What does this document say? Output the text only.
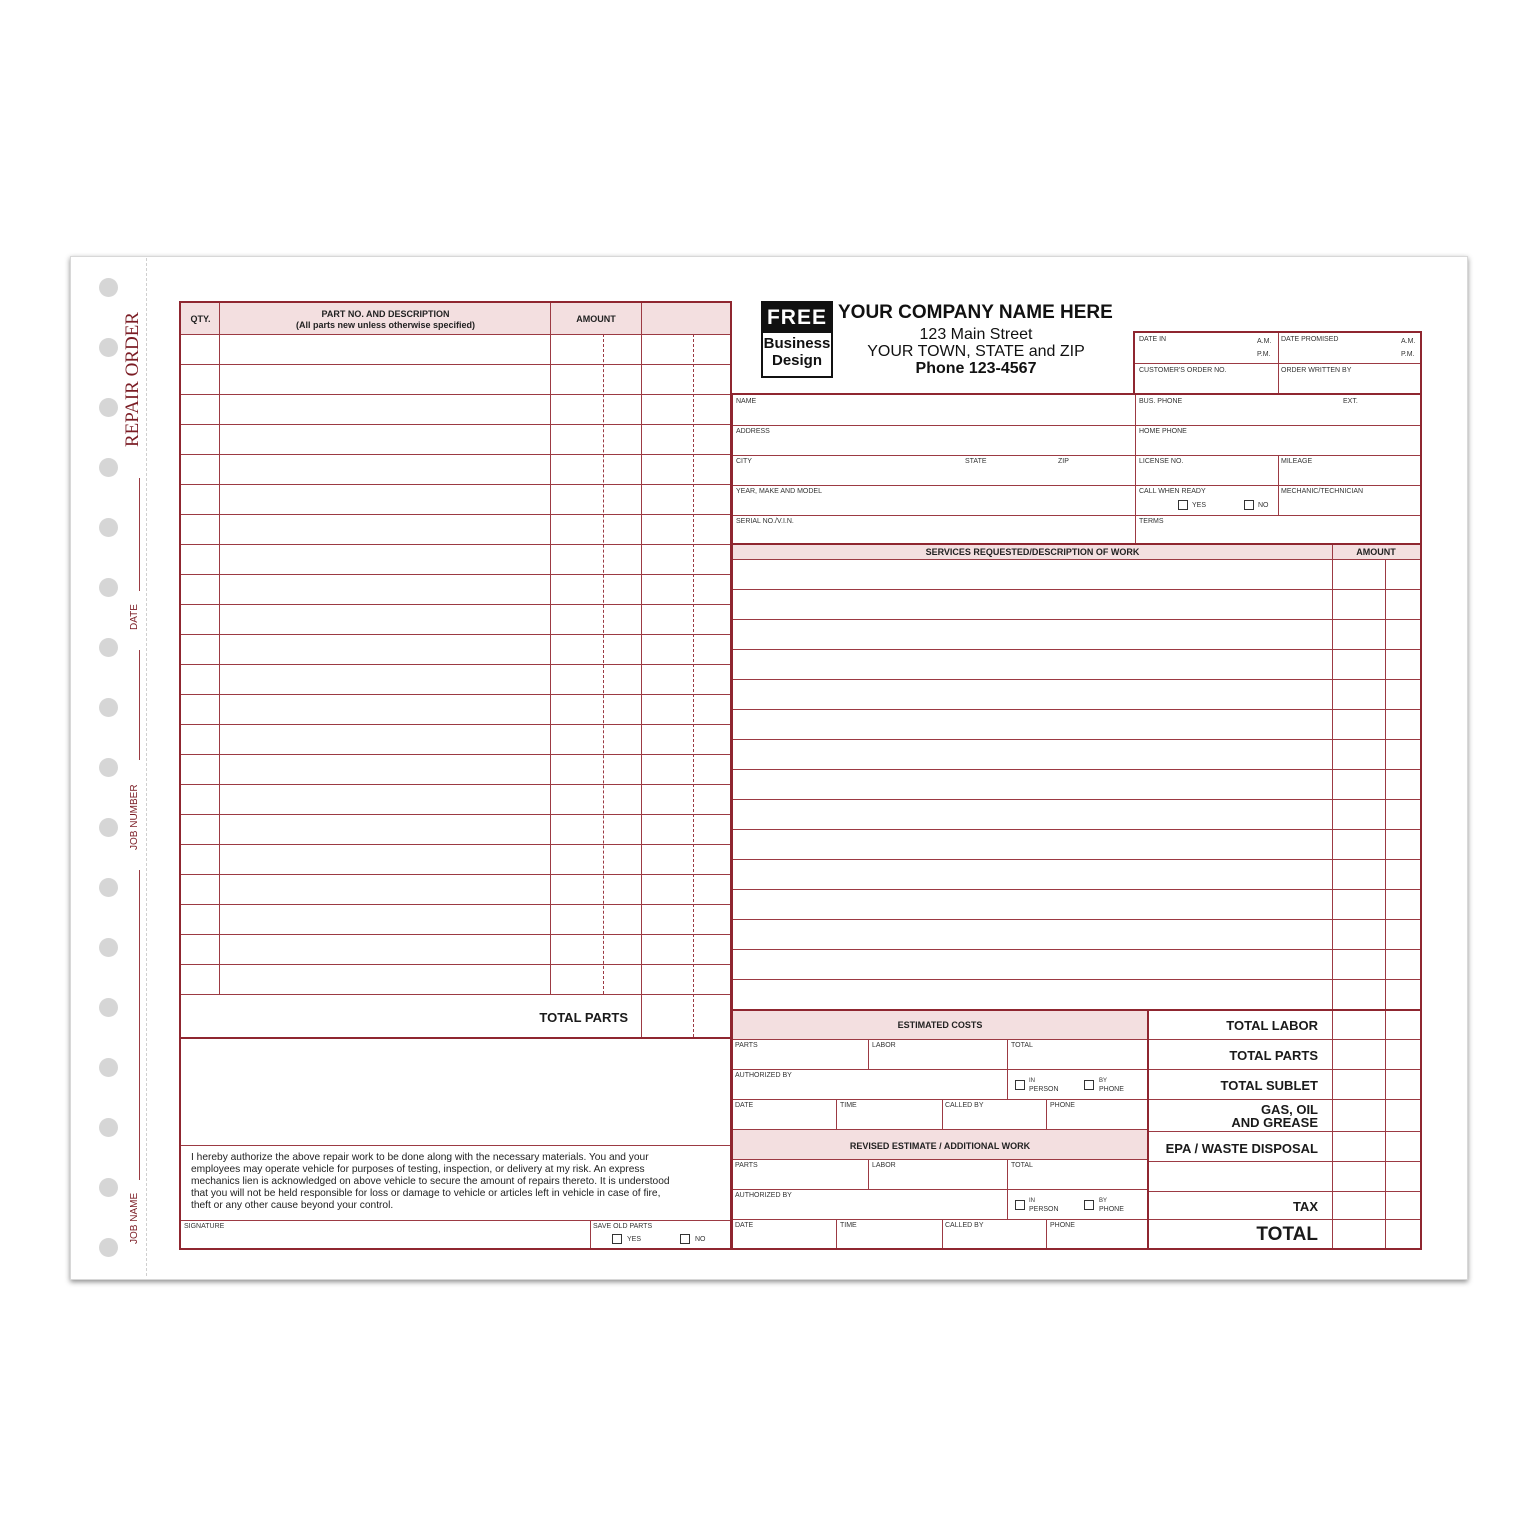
REPAIR ORDER
DATE
JOB NUMBER
JOB NAME
QTY.	PART NO. AND DESCRIPTION
(All parts new unless otherwise specified)
AMOUNT
TOTAL PARTS
I hereby authorize the above repair work to be done along with the necessary materials. You and your
employees may operate vehicle for purposes of testing, inspection, or delivery at my risk. An express
mechanics lien is acknowledged on above vehicle to secure the amount of repairs thereto. It is understood
that you will not be held responsible for loss or damage to vehicle or articles left in vehicle in case of fire,
theft or any other cause beyond your control.
SIGNATURE	SAVE OLD PARTS
YES	NO
FREE
Business
Design
YOUR COMPANY NAME HERE
123 Main Street
YOUR TOWN, STATE and ZIP
Phone 123-4567
DATE IN	A.M.
P.M.
DATE PROMISED	A.M.
P.M.
CUSTOMER'S ORDER NO.	ORDER WRITTEN BY
NAME
ADDRESS
CITY	STATE	ZIP
YEAR, MAKE AND MODEL
SERIAL NO./V.I.N.
BUS. PHONE	EXT.
HOME PHONE
LICENSE NO.	MILEAGE
CALL WHEN READY
YES	NO
MECHANIC/TECHNICIAN
TERMS
SERVICES REQUESTED/DESCRIPTION OF WORK	AMOUNT
ESTIMATED COSTS
PARTS	LABOR	TOTAL
AUTHORIZED BY
IN
PERSON
BY
PHONE
DATE	TIME	CALLED BY	PHONE
REVISED ESTIMATE / ADDITIONAL WORK
PARTS	LABOR	TOTAL
AUTHORIZED BY
IN
PERSON
BY
PHONE
DATE	TIME	CALLED BY	PHONE
TOTAL LABOR
TOTAL PARTS
TOTAL SUBLET
GAS, OIL
AND GREASE
EPA / WASTE DISPOSAL
TAX
TOTAL
